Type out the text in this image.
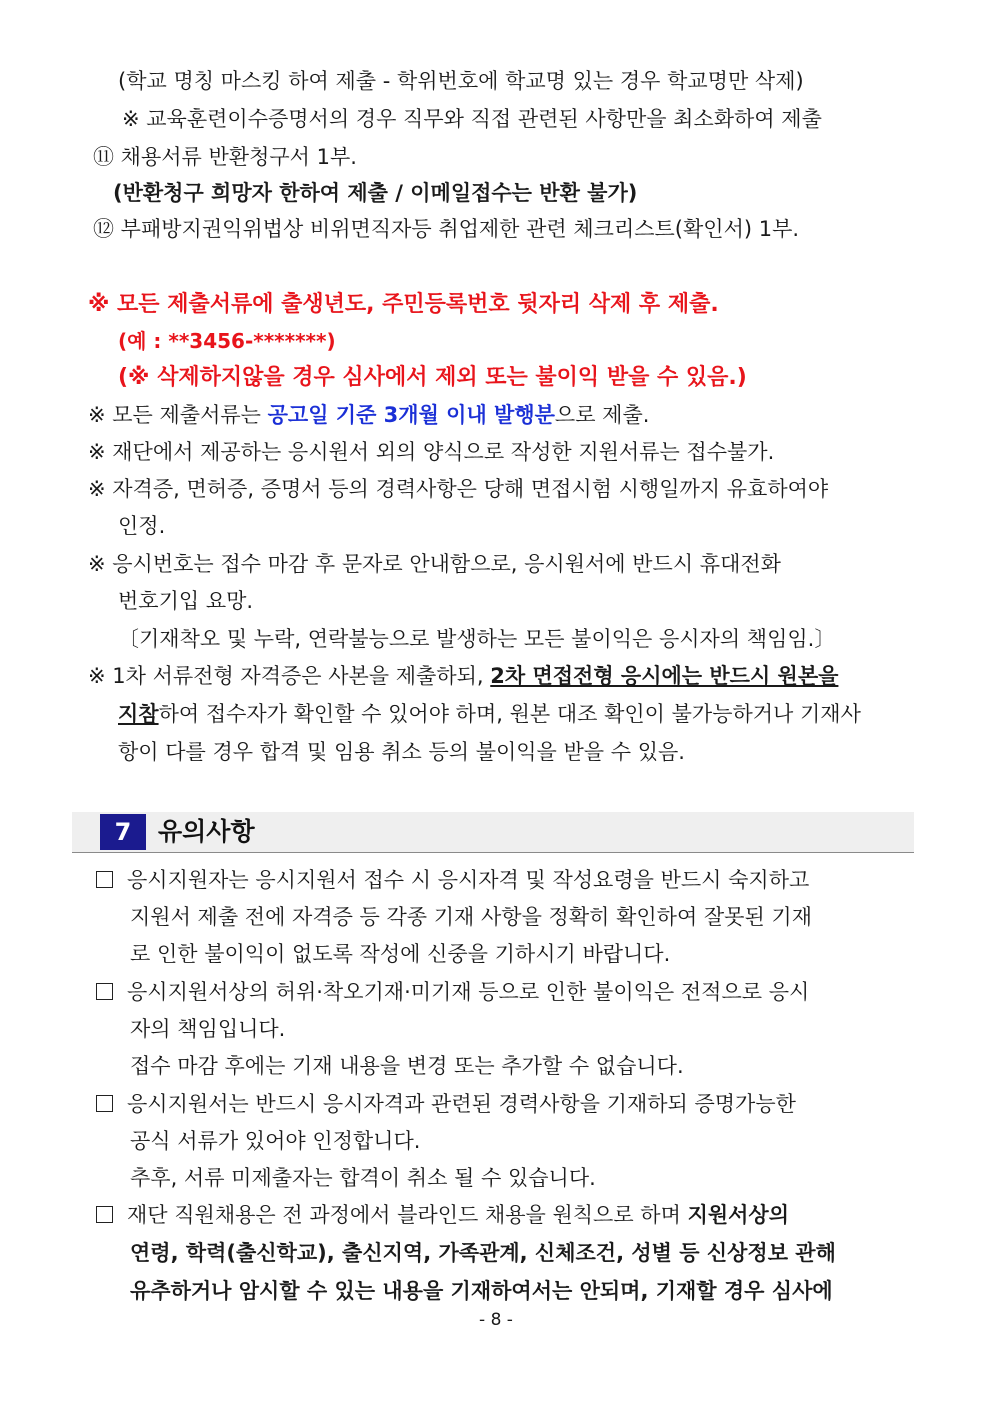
(학교 명칭 마스킹 하여 제출 - 학위번호에 학교명 있는 경우 학교명만 삭제)
※ 교육훈련이수증명서의 경우 직무와 직접 관련된 사항만을 최소화하여 제출
⑪ 채용서류 반환청구서 1부.
(반환청구 희망자 한하여 제출 / 이메일접수는 반환 불가)
⑫ 부패방지권익위법상 비위면직자등 취업제한 관련 체크리스트(확인서) 1부.
※ 모든 제출서류에 출생년도, 주민등록번호 뒷자리 삭제 후 제출.
(예 : **3456-*******)
(※ 삭제하지않을 경우 심사에서 제외 또는 불이익 받을 수 있음.)
※ 모든 제출서류는 공고일 기준 3개월 이내 발행분으로 제출.
※ 재단에서 제공하는 응시원서 외의 양식으로 작성한 지원서류는 접수불가.
※ 자격증, 면허증, 증명서 등의 경력사항은 당해 면접시험 시행일까지 유효하여야
인정.
※ 응시번호는 접수 마감 후 문자로 안내함으로, 응시원서에 반드시 휴대전화
번호기입 요망.
〔기재착오 및 누락, 연락불능으로 발생하는 모든 불이익은 응시자의 책임임.〕
※ 1차 서류전형 자격증은 사본을 제출하되, 2차 면접전형 응시에는 반드시 원본을
지참하여 접수자가 확인할 수 있어야 하며, 원본 대조 확인이 불가능하거나 기재사
항이 다를 경우 합격 및 임용 취소 등의 불이익을 받을 수 있음.
7	유의사항
응시지원자는 응시지원서 접수 시 응시자격 및 작성요령을 반드시 숙지하고
지원서 제출 전에 자격증 등 각종 기재 사항을 정확히 확인하여 잘못된 기재
로 인한 불이익이 없도록 작성에 신중을 기하시기 바랍니다.
응시지원서상의 허위·착오기재·미기재 등으로 인한 불이익은 전적으로 응시
자의 책임입니다.
접수 마감 후에는 기재 내용을 변경 또는 추가할 수 없습니다.
응시지원서는 반드시 응시자격과 관련된 경력사항을 기재하되 증명가능한
공식 서류가 있어야 인정합니다.
추후, 서류 미제출자는 합격이 취소 될 수 있습니다.
재단 직원채용은 전 과정에서 블라인드 채용을 원칙으로 하며 지원서상의
연령, 학력(출신학교), 출신지역, 가족관계, 신체조건, 성별 등 신상정보 관해
유추하거나 암시할 수 있는 내용을 기재하여서는 안되며, 기재할 경우 심사에
- 8 -
